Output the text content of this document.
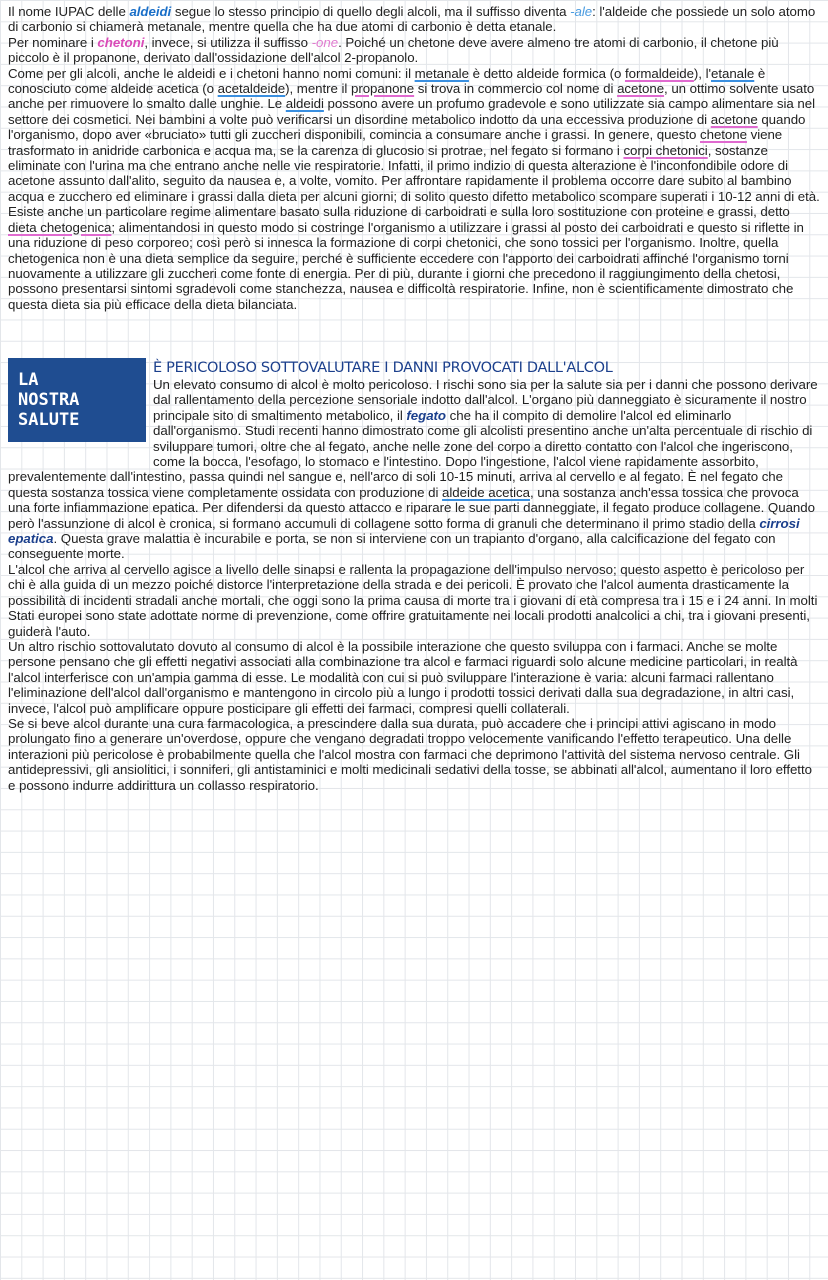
Il nome IUPAC delle aldeidi segue lo stesso principio di quello degli alcoli, ma il suffisso diventa -ale: l'aldeide che possiede un solo atomo di carbonio si chiamerà metanale, mentre quella che ha due atomi di carbonio è detta etanale.

Per nominare i chetoni, invece, si utilizza il suffisso -one. Poiché un chetone deve avere almeno tre atomi di carbonio, il chetone più piccolo è il propanone, derivato dall'ossidazione dell'alcol 2-propanolo.

Come per gli alcoli, anche le aldeidi e i chetoni hanno nomi comuni: il metanale è detto aldeide formica (o formaldeide), l'etanale è conosciuto come aldeide acetica (o acetaldeide), mentre il propanone si trova in commercio col nome di acetone, un ottimo solvente usato anche per rimuovere lo smalto dalle unghie. Le aldeidi possono avere un profumo gradevole e sono utilizzate sia campo alimentare sia nel settore dei cosmetici. Nei bambini a volte può verificarsi un disordine metabolico indotto da una eccessiva produzione di acetone quando l'organismo, dopo aver «bruciato» tutti gli zuccheri disponibili, comincia a consumare anche i grassi. In genere, questo chetone viene trasformato in anidride carbonica e acqua ma, se la carenza di glucosio si protrae, nel fegato si formano i corpi chetonici, sostanze eliminate con l'urina ma che entrano anche nelle vie respiratorie. Infatti, il primo indizio di questa alterazione è l'inconfondibile odore di acetone assunto dall'alito, seguito da nausea e, a volte, vomito. Per affrontare rapidamente il problema occorre dare subito al bambino acqua e zucchero ed eliminare i grassi dalla dieta per alcuni giorni; di solito questo difetto metabolico scompare superati i 10-12 anni di età. Esiste anche un particolare regime alimentare basato sulla riduzione di carboidrati e sulla loro sostituzione con proteine e grassi, detto dieta chetogenica; alimentandosi in questo modo si costringe l'organismo a utilizzare i grassi al posto dei carboidrati e questo si riflette in una riduzione di peso corporeo; così però si innesca la formazione di corpi chetonici, che sono tossici per l'organismo. Inoltre, quella chetogenica non è una dieta semplice da seguire, perché è sufficiente eccedere con l'apporto dei carboidrati affinché l'organismo torni nuovamente a utilizzare gli zuccheri come fonte di energia. Per di più, durante i giorni che precedono il raggiungimento della chetosi, possono presentarsi sintomi sgradevoli come stanchezza, nausea e difficoltà respiratorie. Infine, non è scientificamente dimostrato che questa dieta sia più efficace della dieta bilanciata.

LA
NOSTRA
SALUTE
È PERICOLOSO SOTTOVALUTARE I DANNI PROVOCATI DALL'ALCOL

Un elevato consumo di alcol è molto pericoloso. I rischi sono sia per la salute sia per i danni che possono derivare dal rallentamento della percezione sensoriale indotto dall'alcol. L'organo più danneggiato è sicuramente il nostro principale sito di smaltimento metabolico, il fegato che ha il compito di demolire l'alcol ed eliminarlo dall'organismo. Studi recenti hanno dimostrato come gli alcolisti presentino anche un'alta percentuale di rischio di sviluppare tumori, oltre che al fegato, anche nelle zone del corpo a diretto contatto con l'alcol che ingeriscono, come la bocca, l'esofago, lo stomaco e l'intestino. Dopo l'ingestione, l'alcol viene rapidamente assorbito, prevalentemente dall'intestino, passa quindi nel sangue e, nell'arco di soli 10-15 minuti, arriva al cervello e al fegato. È nel fegato che questa sostanza tossica viene completamente ossidata con produzione di aldeide acetica, una sostanza anch'essa tossica che provoca una forte infiammazione epatica. Per difendersi da questo attacco e riparare le sue parti danneggiate, il fegato produce collagene. Quando però l'assunzione di alcol è cronica, si formano accumuli di collagene sotto forma di granuli che determinano il primo stadio della cirrosi epatica. Questa grave malattia è incurabile e porta, se non si interviene con un trapianto d'organo, alla calcificazione del fegato con conseguente morte.

L'alcol che arriva al cervello agisce a livello delle sinapsi e rallenta la propagazione dell'impulso nervoso; questo aspetto è pericoloso per chi è alla guida di un mezzo poiché distorce l'interpretazione della strada e dei pericoli. È provato che l'alcol aumenta drasticamente la possibilità di incidenti stradali anche mortali, che oggi sono la prima causa di morte tra i giovani di età compresa tra i 15 e i 24 anni. In molti Stati europei sono state adottate norme di prevenzione, come offrire gratuitamente nei locali prodotti analcolici a chi, tra i giovani presenti, guiderà l'auto.

Un altro rischio sottovalutato dovuto al consumo di alcol è la possibile interazione che questo sviluppa con i farmaci. Anche se molte persone pensano che gli effetti negativi associati alla combinazione tra alcol e farmaci riguardi solo alcune medicine particolari, in realtà l'alcol interferisce con un'ampia gamma di esse. Le modalità con cui si può sviluppare l'interazione è varia: alcuni farmaci rallentano l'eliminazione dell'alcol dall'organismo e mantengono in circolo più a lungo i prodotti tossici derivati dalla sua degradazione, in altri casi, invece, l'alcol può amplificare oppure posticipare gli effetti dei farmaci, compresi quelli collaterali.

Se si beve alcol durante una cura farmacologica, a prescindere dalla sua durata, può accadere che i principi attivi agiscano in modo prolungato fino a generare un'overdose, oppure che vengano degradati troppo velocemente vanificando l'effetto terapeutico. Una delle interazioni più pericolose è probabilmente quella che l'alcol mostra con farmaci che deprimono l'attività del sistema nervoso centrale. Gli antidepressivi, gli ansiolitici, i sonniferi, gli antistaminici e molti medicinali sedativi della tosse, se abbinati all'alcol, aumentano il loro effetto e possono indurre addirittura un collasso respiratorio.
